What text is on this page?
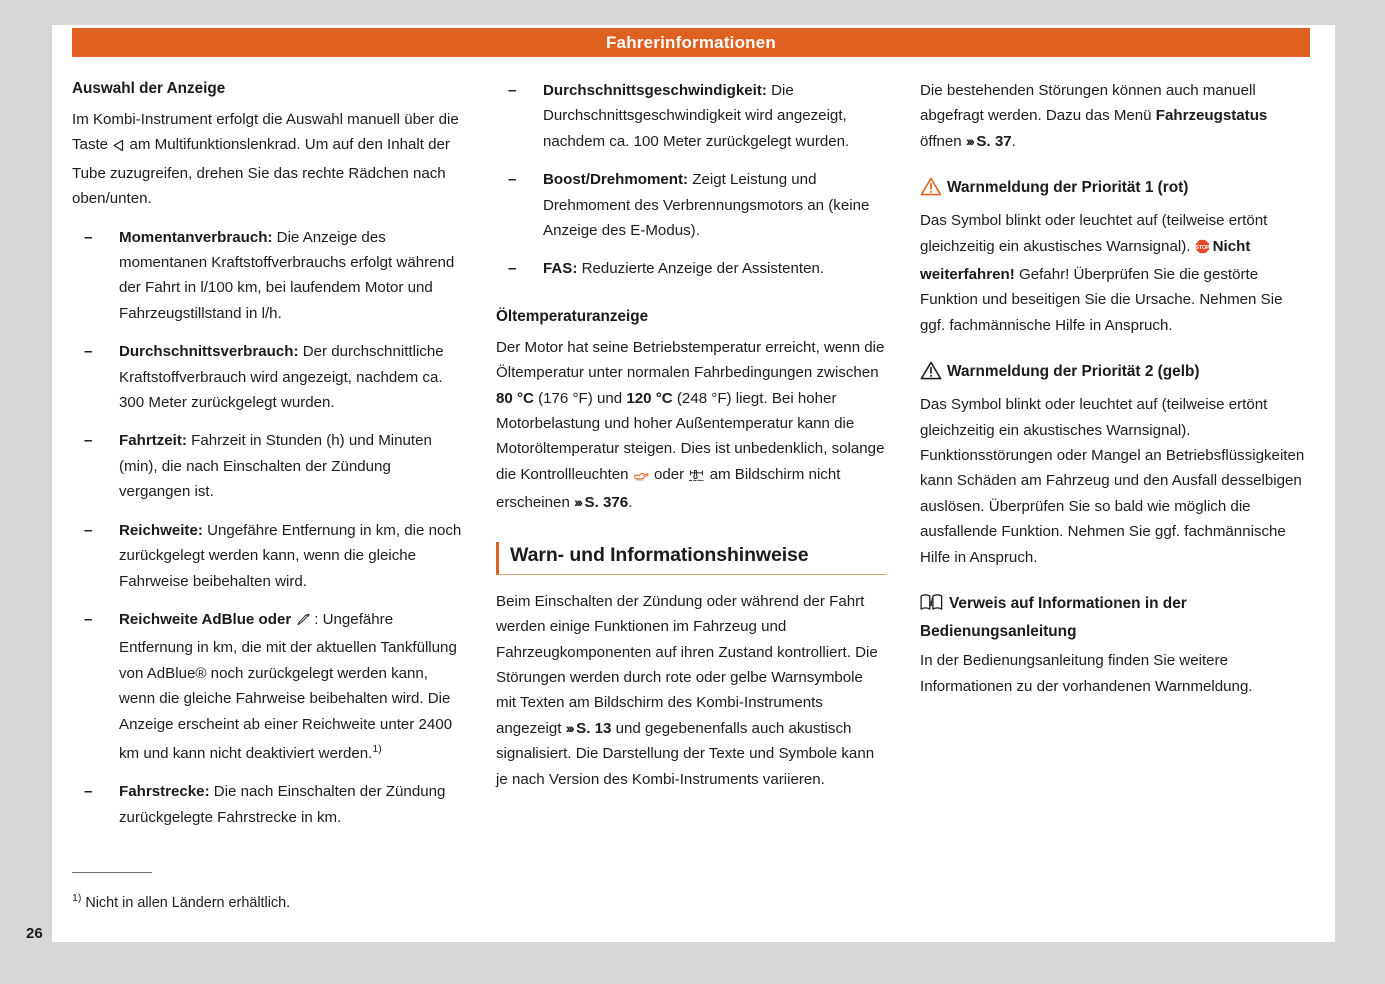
Fahrerinformationen
26
Auswahl der Anzeige

Im Kombi-Instrument erfolgt die Auswahl manuell über die Taste  am Multifunktionslenkrad. Um auf den Inhalt der Tube zuzugreifen, drehen Sie das rechte Rädchen nach oben/unten.

– Momentanverbrauch: Die Anzeige des momentanen Kraftstoffverbrauchs erfolgt während der Fahrt in l/100 km, bei laufendem Motor und Fahrzeugstillstand in l/h.
– Durchschnittsverbrauch: Der durchschnittliche Kraftstoffverbrauch wird angezeigt, nachdem ca. 300 Meter zurückgelegt wurden.
– Fahrtzeit: Fahrzeit in Stunden (h) und Minuten (min), die nach Einschalten der Zündung vergangen ist.
– Reichweite: Ungefähre Entfernung in km, die noch zurückgelegt werden kann, wenn die gleiche Fahrweise beibehalten wird.
– Reichweite AdBlue oder : Ungefähre Entfernung in km, die mit der aktuellen Tankfüllung von AdBlue® noch zurückgelegt werden kann, wenn die gleiche Fahrweise beibehalten wird. Die Anzeige erscheint ab einer Reichweite unter 2400 km und kann nicht deaktiviert werden.$^{1)}$
– Fahrstrecke: Die nach Einschalten der Zündung zurückgelegte Fahrstrecke in km.
– Durchschnittsgeschwindigkeit: Die Durchschnittsgeschwindigkeit wird angezeigt, nachdem ca. 100 Meter zurückgelegt wurden.
– Boost/Drehmoment: Zeigt Leistung und Drehmoment des Verbrennungsmotors an (keine Anzeige des E-Modus).
– FAS: Reduzierte Anzeige der Assistenten.
Öltemperaturanzeige

Der Motor hat seine Betriebstemperatur erreicht, wenn die Öltemperatur unter normalen Fahrbedingungen zwischen 80 °C (176 °F) und 120 °C (248 °F) liegt. Bei hoher Motorbelastung und hoher Außentemperatur kann die Motoröltemperatur steigen. Dies ist unbedenklich, solange die Kontrollleuchten  oder  am Bildschirm nicht erscheinen ››› S. 376.

Warn- und Informationshinweise

Beim Einschalten der Zündung oder während der Fahrt werden einige Funktionen im Fahrzeug und Fahrzeugkomponenten auf ihren Zustand kontrolliert. Die Störungen werden durch rote oder gelbe Warnsymbole mit Texten am Bildschirm des Kombi-Instruments angezeigt ››› S. 13 und gegebenenfalls auch akustisch signalisiert. Die Darstellung der Texte und Symbole kann je nach Version des Kombi-Instruments variieren.

Die bestehenden Störungen können auch manuell abgefragt werden. Dazu das Menü Fahrzeugstatus öffnen ››› S. 37.

Warnmeldung der Priorität 1 (rot)

Das Symbol blinkt oder leuchtet auf (teilweise ertönt gleichzeitig ein akustisches Warnsignal). STOP Nicht weiterfahren! Gefahr! Überprüfen Sie die gestörte Funktion und beseitigen Sie die Ursache. Nehmen Sie ggf. fachmännische Hilfe in Anspruch.

Warnmeldung der Priorität 2 (gelb)

Das Symbol blinkt oder leuchtet auf (teilweise ertönt gleichzeitig ein akustisches Warnsignal). Funktionsstörungen oder Mangel an Betriebsflüssigkeiten kann Schäden am Fahrzeug und den Ausfall desselbigen auslösen. Überprüfen Sie so bald wie möglich die ausfallende Funktion. Nehmen Sie ggf. fachmännische Hilfe in Anspruch.

i Verweis auf Informationen in der Bedienungsanleitung

In der Bedienungsanleitung finden Sie weitere Informationen zu der vorhandenen Warnmeldung.

$^{1)}$ Nicht in allen Ländern erhältlich.
